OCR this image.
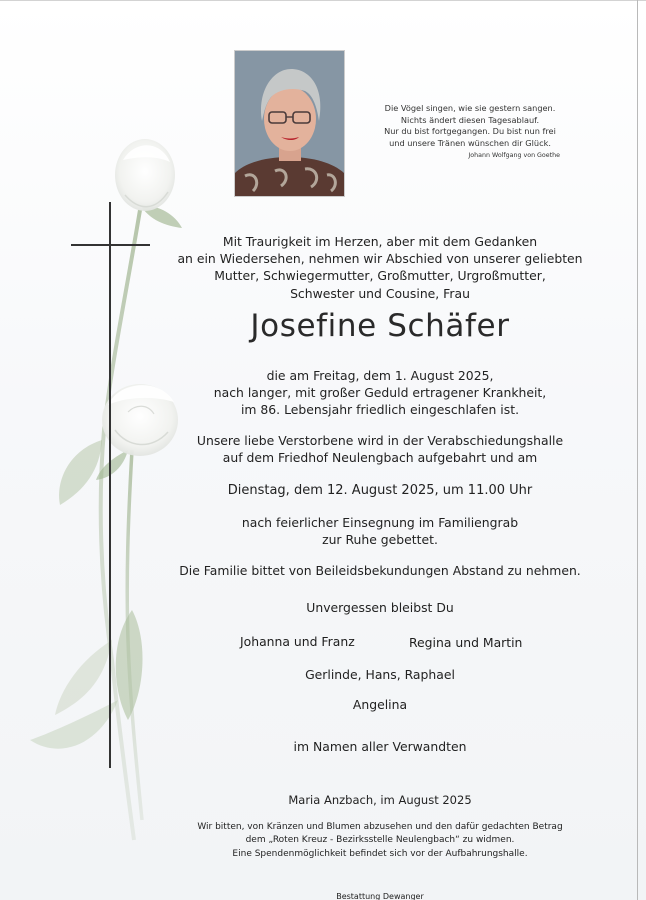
Die Vögel singen, wie sie gestern sangen.
Nichts ändert diesen Tagesablauf.
Nur du bist fortgegangen. Du bist nun frei
und unsere Tränen wünschen dir Glück.
Johann Wolfgang von Goethe
Mit Traurigkeit im Herzen, aber mit dem Gedanken
an ein Wiedersehen, nehmen wir Abschied von unserer geliebten
Mutter, Schwiegermutter, Großmutter, Urgroßmutter,
Schwester und Cousine, Frau
Josefine Schäfer
die am Freitag, dem 1. August 2025,
nach langer, mit großer Geduld ertragener Krankheit,
im 86. Lebensjahr friedlich eingeschlafen ist.
Unsere liebe Verstorbene wird in der Verabschiedungshalle
auf dem Friedhof Neulengbach aufgebahrt und am
Dienstag, dem 12. August 2025, um 11.00 Uhr
nach feierlicher Einsegnung im Familiengrab
zur Ruhe gebettet.
Die Familie bittet von Beileidsbekundungen Abstand zu nehmen.
Unvergessen bleibst Du
Johanna und Franz	Regina und Martin
Gerlinde, Hans, Raphael
Angelina
im Namen aller Verwandten
Maria Anzbach, im August 2025
Wir bitten, von Kränzen und Blumen abzusehen und den dafür gedachten Betrag
dem „Roten Kreuz - Bezirksstelle Neulengbach“ zu widmen.
Eine Spendenmöglichkeit befindet sich vor der Aufbahrungshalle.
Bestattung Dewanger
